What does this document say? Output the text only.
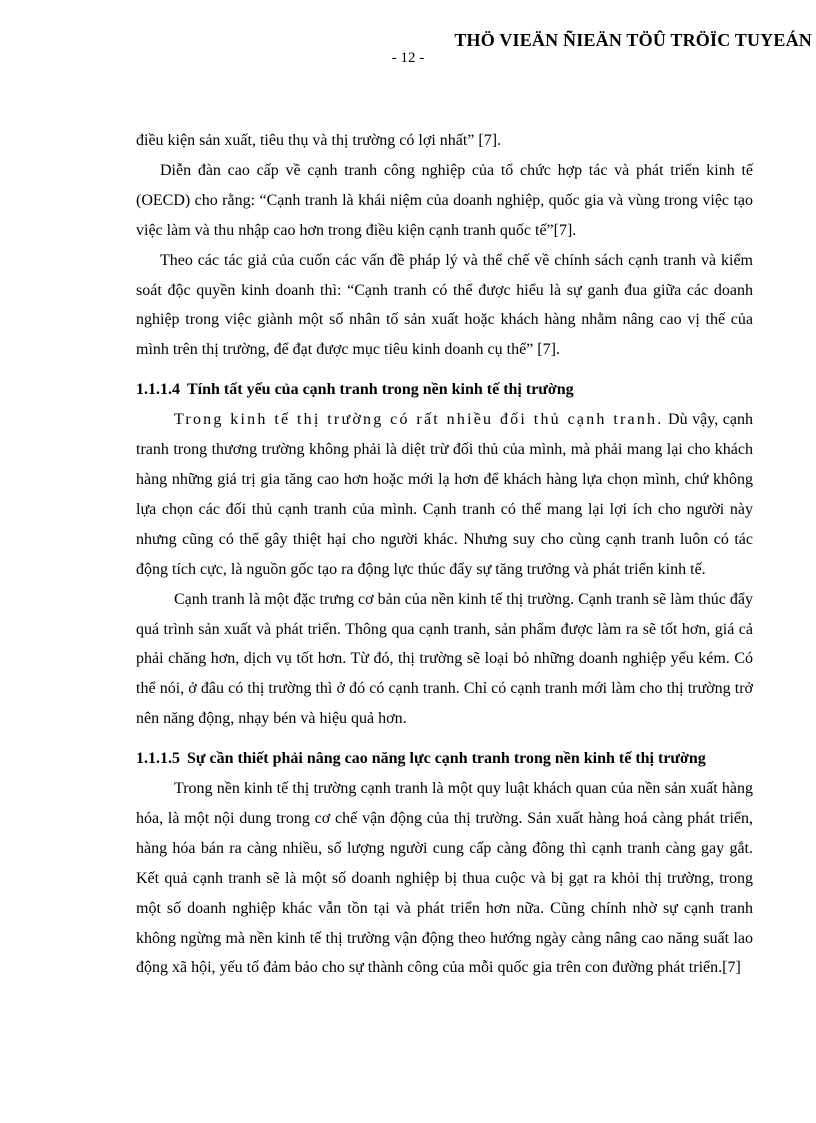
THÖ VIEÄN ÑIEÄN TÖÛ TRÖÏC TUYEÁN
- 12 -

điều kiện sản xuất, tiêu thụ và thị trường có lợi nhất” [7].

Diễn đàn cao cấp về cạnh tranh công nghiệp của tổ chức hợp tác và phát triển kinh tế (OECD) cho rằng: “Cạnh tranh là khái niệm của doanh nghiệp, quốc gia và vùng trong việc tạo việc làm và thu nhập cao hơn trong điều kiện cạnh tranh quốc tế”[7].

Theo các tác giả của cuốn các vấn đề pháp lý và thể chế về chính sách cạnh tranh và kiểm soát độc quyền kinh doanh thì: “Cạnh tranh có thể được hiểu là sự ganh đua giữa các doanh nghiệp trong việc giành một số nhân tố sản xuất hoặc khách hàng nhằm nâng cao vị thế của mình trên thị trường, để đạt được mục tiêu kinh doanh cụ thể” [7].

1.1.1.4 Tính tất yếu của cạnh tranh trong nền kinh tế thị trường

Trong kinh tế thị trường có rất nhiều đối thủ cạnh tranh. Dù vậy, cạnh tranh trong thương trường không phải là diệt trừ đối thủ của mình, mà phải mang lại cho khách hàng những giá trị gia tăng cao hơn hoặc mới lạ hơn để khách hàng lựa chọn mình, chứ không lựa chọn các đối thủ cạnh tranh của mình. Cạnh tranh có thể mang lại lợi ích cho người này nhưng cũng có thể gây thiệt hại cho người khác. Nhưng suy cho cùng cạnh tranh luôn có tác động tích cực, là nguồn gốc tạo ra động lực thúc đẩy sự tăng trưởng và phát triển kinh tế.

Cạnh tranh là một đặc trưng cơ bản của nền kinh tế thị trường. Cạnh tranh sẽ làm thúc đẩy quá trình sản xuất và phát triển. Thông qua cạnh tranh, sản phẩm được làm ra sẽ tốt hơn, giá cả phải chăng hơn, dịch vụ tốt hơn. Từ đó, thị trường sẽ loại bỏ những doanh nghiệp yếu kém. Có thể nói, ở đâu có thị trường thì ở đó có cạnh tranh. Chỉ có cạnh tranh mới làm cho thị trường trở nên năng động, nhạy bén và hiệu quả hơn.

1.1.1.5 Sự cần thiết phải nâng cao năng lực cạnh tranh trong nền kinh tế thị trường

Trong nền kinh tế thị trường cạnh tranh là một quy luật khách quan của nền sản xuất hàng hóa, là một nội dung trong cơ chế vận động của thị trường. Sản xuất hàng hoá càng phát triển, hàng hóa bán ra càng nhiều, số lượng người cung cấp càng đông thì cạnh tranh càng gay gắt. Kết quả cạnh tranh sẽ là một số doanh nghiệp bị thua cuộc và bị gạt ra khỏi thị trường, trong một số doanh nghiệp khác vẫn tồn tại và phát triển hơn nữa. Cũng chính nhờ sự cạnh tranh không ngừng mà nền kinh tế thị trường vận động theo hướng ngày càng nâng cao năng suất lao động xã hội, yếu tố đảm bảo cho sự thành công của mỗi quốc gia trên con đường phát triển.[7]
